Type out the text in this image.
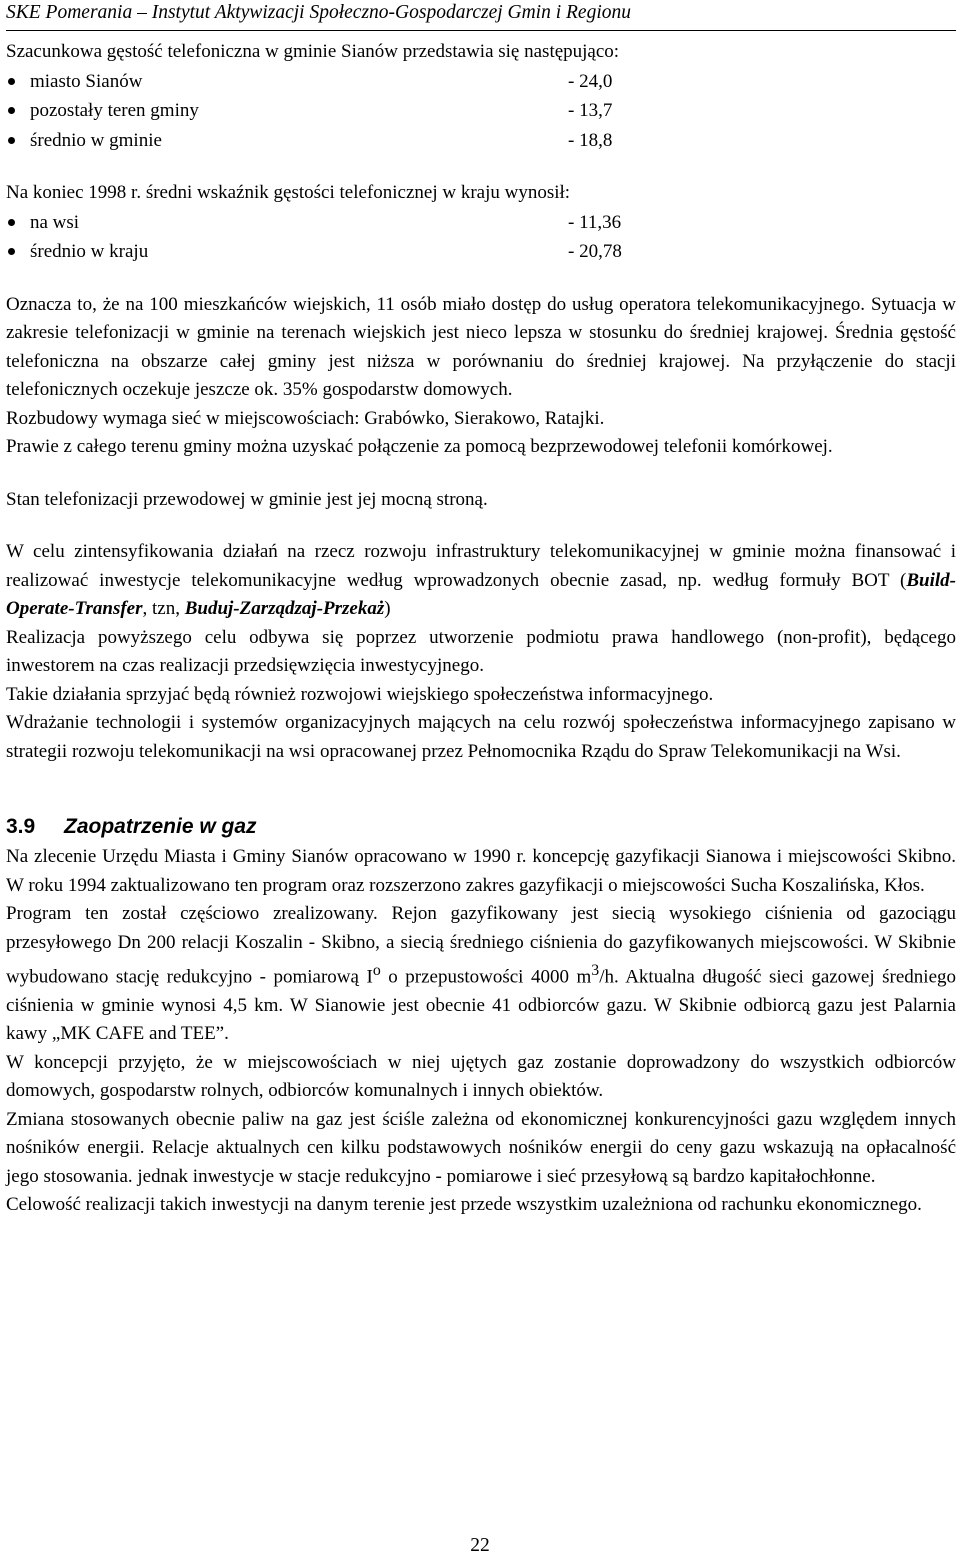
SKE Pomerania – Instytut Aktywizacji Społeczno-Gospodarczej Gmin i Regionu

Szacunkowa gęstość telefoniczna w gminie Sianów przedstawia się następująco:

miasto Sianów	- 24,0
pozostały teren gminy	- 13,7
średnio w gminie	- 18,8

Na koniec 1998 r. średni wskaźnik gęstości telefonicznej w kraju wynosił:

na wsi	- 11,36
średnio w kraju	- 20,78

Oznacza to, że na 100 mieszkańców wiejskich, 11 osób miało dostęp do usług operatora telekomunikacyjnego. Sytuacja w zakresie telefonizacji w gminie na terenach wiejskich jest nieco lepsza w stosunku do średniej krajowej. Średnia gęstość telefoniczna na obszarze całej gminy jest niższa w porównaniu do średniej krajowej. Na przyłączenie do stacji telefonicznych oczekuje jeszcze ok. 35% gospodarstw domowych.

Rozbudowy wymaga sieć w miejscowościach: Grabówko, Sierakowo, Ratajki.

Prawie z całego terenu gminy można uzyskać połączenie za pomocą bezprzewodowej telefonii komórkowej.

Stan telefonizacji przewodowej w gminie jest jej mocną stroną.

W celu zintensyfikowania działań na rzecz rozwoju infrastruktury telekomunikacyjnej w gminie można finansować i realizować inwestycje telekomunikacyjne według wprowadzonych obecnie zasad, np. według formuły BOT (Build-Operate-Transfer, tzn, Buduj-Zarządzaj-Przekaż)

Realizacja powyższego celu odbywa się poprzez utworzenie podmiotu prawa handlowego (non-profit), będącego inwestorem na czas realizacji przedsięwzięcia inwestycyjnego.

Takie działania sprzyjać będą również rozwojowi wiejskiego społeczeństwa informacyjnego.

Wdrażanie technologii i systemów organizacyjnych mających na celu rozwój społeczeństwa informacyjnego zapisano w strategii rozwoju telekomunikacji na wsi opracowanej przez Pełnomocnika Rządu do Spraw Telekomunikacji na Wsi.

3.9 Zaopatrzenie w gaz

Na zlecenie Urzędu Miasta i Gminy Sianów opracowano w 1990 r. koncepcję gazyfikacji Sianowa i miejscowości Skibno. W roku 1994 zaktualizowano ten program oraz rozszerzono zakres gazyfikacji o miejscowości Sucha Koszalińska, Kłos.

Program ten został częściowo zrealizowany. Rejon gazyfikowany jest siecią wysokiego ciśnienia od gazociągu przesyłowego Dn 200 relacji Koszalin - Skibno, a siecią średniego ciśnienia do gazyfikowanych miejscowości. W Skibnie wybudowano stację redukcyjno - pomiarową $I^o$ o przepustowości 4000 $m^3/h$. Aktualna długość sieci gazowej średniego ciśnienia w gminie wynosi 4,5 km. W Sianowie jest obecnie 41 odbiorców gazu. W Skibnie odbiorcą gazu jest Palarnia kawy „MK CAFE and TEE”.

W koncepcji przyjęto, że w miejscowościach w niej ujętych gaz zostanie doprowadzony do wszystkich odbiorców domowych, gospodarstw rolnych, odbiorców komunalnych i innych obiektów.

Zmiana stosowanych obecnie paliw na gaz jest ściśle zależna od ekonomicznej konkurencyjności gazu względem innych nośników energii. Relacje aktualnych cen kilku podstawowych nośników energii do ceny gazu wskazują na opłacalność jego stosowania. jednak inwestycje w stacje redukcyjno - pomiarowe i sieć przesyłową są bardzo kapitałochłonne.

Celowość realizacji takich inwestycji na danym terenie jest przede wszystkim uzależniona od rachunku ekonomicznego.

22
